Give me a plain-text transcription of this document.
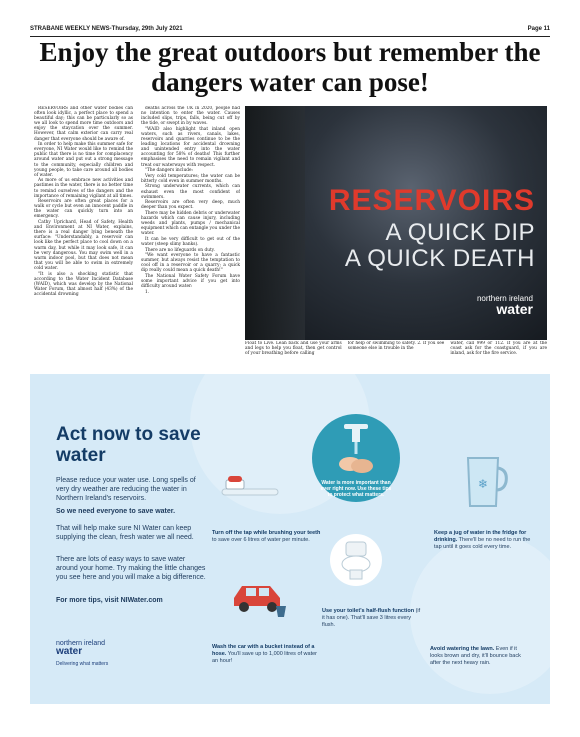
STRABANE WEEKLY NEWS-Thursday, 29th July 2021	Page 11
Enjoy the great outdoors but remember the dangers water can pose!

RESERVOIRS and other water bodies can often look idyllic, a perfect place to spend a beautiful day; this can be particularly so as we all look to spend more time outdoors and enjoy the staycation over the summer. However, that calm exterior can carry real danger that everyone should be aware of.

In order to help make this summer safe for everyone, NI Water would like to remind the public that there is no time for complacency around water and put out a strong message to the community, especially children and young people, to take care around all bodies of water.

As more of us embrace new activities and pastimes in the water, there is no better time to remind ourselves of the dangers and the importance of remaining vigilant at all times.

Reservoirs are often great places for a walk or cycle but even an innocent paddle in the water can quickly turn into an emergency.

Cathy Uprichard, Head of Safety, Health and Environment at NI Water, explains, there is a real danger lying beneath the surface: "Understandably, a reservoir can look like the perfect place to cool down on a warm day, but while it may look safe, it can be very dangerous. You may swim well in a warm indoor pool, but that does not mean that you will be able to swim in extremely cold water.

"It is also a shocking statistic that according to the Water Incident Database (WAID), which was develop by the National Water Forum, that almost half (43%) of the accidental drowning

deaths across the UK in 2020, people had no intention to enter the water. Causes included slips, trips, falls, being cut off by the tide, or swept in by waves.

"WAID also highlight that inland open waters, such as rivers, canals, lakes, reservoirs and quarries continue to be the leading locations for accidental drowning and unintended entry into the water accounting for 58% of deaths! This further emphasises the need to remain vigilant and treat our waterways with respect.

"The dangers include:

Very cold temperatures; the water can be bitterly cold even in summer months.

Strong underwater currents, which can exhaust even the most confident of swimmers.

Reservoirs are often very deep, much deeper than you expect.

There may be hidden debris or underwater hazards which can cause injury, including weeds and plants, pumps / mechanical equipment which can entangle you under the water.

It can be very difficult to get out of the water (steep slimy banks).

There are no lifeguards on duty.

"We want everyone to have a fantastic summer, but always resist the temptation to cool off in a reservoir or a quarry; a quick dip really could mean a quick death!"

The National Water Safety Forum have some important advice if you get into difficulty around water:

1.

RESERVOIRS
A QUICK DIP
A QUICK DEATH
northern ireland
water
Float to Live. Lean back and use your arms and legs to help you float, then get control of your breathing before calling
for help or swimming to safety. 2. If you see someone else in trouble in the
water, call 999 or 112. If you are at the coast ask for the coastguard, if you are inland, ask for the fire service.
Act now to save water

Please reduce your water use. Long spells of very dry weather are reducing the water in Northern Ireland's reservoirs.

So we need everyone to save water.

That will help make sure NI Water can keep supplying the clean, fresh water we all need.

There are lots of easy ways to save water around your home. Try making the little changes you see here and you will make a big difference.

For more tips, visit NIWater.com

northern ireland
water
Delivering what matters
Water is more important than ever right now. Use these tips to protect what matters.
Turn off the tap while brushing your teeth to save over 6 litres of water per minute.
❄
Keep a jug of water in the fridge for drinking. There'll be no need to run the tap until it goes cold every time.
Wash the car with a bucket instead of a hose. You'll save up to 1,000 litres of water an hour!
Use your toilet's half-flush function (if it has one). That'll save 3 litres every flush.
Avoid watering the lawn. Even if it looks brown and dry, it'll bounce back after the next heavy rain.
